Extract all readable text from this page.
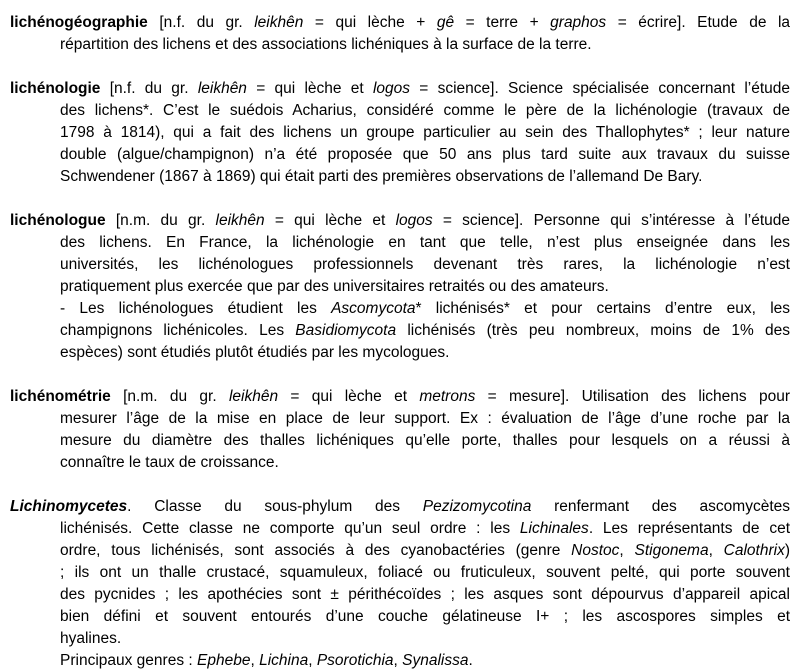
lichénogéographie [n.f. du gr. leikhên = qui lèche + gê = terre + graphos = écrire]. Etude de la
répartition des lichens et des associations lichéniques à la surface de la terre.
lichénologie [n.f. du gr. leikhên = qui lèche et logos = science]. Science spécialisée concernant l’étude
des lichens*. C’est le suédois Acharius, considéré comme le père de la lichénologie (travaux de
1798 à 1814), qui a fait des lichens un groupe particulier au sein des Thallophytes* ; leur nature
double (algue/champignon) n’a été proposée que 50 ans plus tard suite aux travaux du suisse
Schwendener (1867 à 1869) qui était parti des premières observations de l’allemand De Bary.
lichénologue [n.m. du gr. leikhên = qui lèche et logos = science]. Personne qui s’intéresse à l’étude
des lichens. En France, la lichénologie en tant que telle, n’est plus enseignée dans les
universités, les lichénologues professionnels devenant très rares, la lichénologie n’est
pratiquement plus exercée que par des universitaires retraités ou des amateurs.
- Les lichénologues étudient les Ascomycota* lichénisés* et pour certains d’entre eux, les
champignons lichénicoles. Les Basidiomycota lichénisés (très peu nombreux, moins de 1% des
espèces) sont étudiés plutôt étudiés par les mycologues.
lichénométrie [n.m. du gr. leikhên = qui lèche et metrons = mesure]. Utilisation des lichens pour
mesurer l’âge de la mise en place de leur support. Ex : évaluation de l’âge d’une roche par la
mesure du diamètre des thalles lichéniques qu’elle porte, thalles pour lesquels on a réussi à
connaître le taux de croissance.
Lichinomycetes. Classe du sous-phylum des Pezizomycotina renfermant des ascomycètes
lichénisés. Cette classe ne comporte qu’un seul ordre : les Lichinales. Les représentants de cet
ordre, tous lichénisés, sont associés à des cyanobactéries (genre Nostoc, Stigonema, Calothrix)
; ils ont un thalle crustacé, squamuleux, foliacé ou fruticuleux, souvent pelté, qui porte souvent
des pycnides ; les apothécies sont ± périthécoïdes ; les asques sont dépourvus d’appareil apical
bien défini et souvent entourés d’une couche gélatineuse I+ ; les ascospores simples et
hyalines.
Principaux genres : Ephebe, Lichina, Psorotichia, Synalissa.
